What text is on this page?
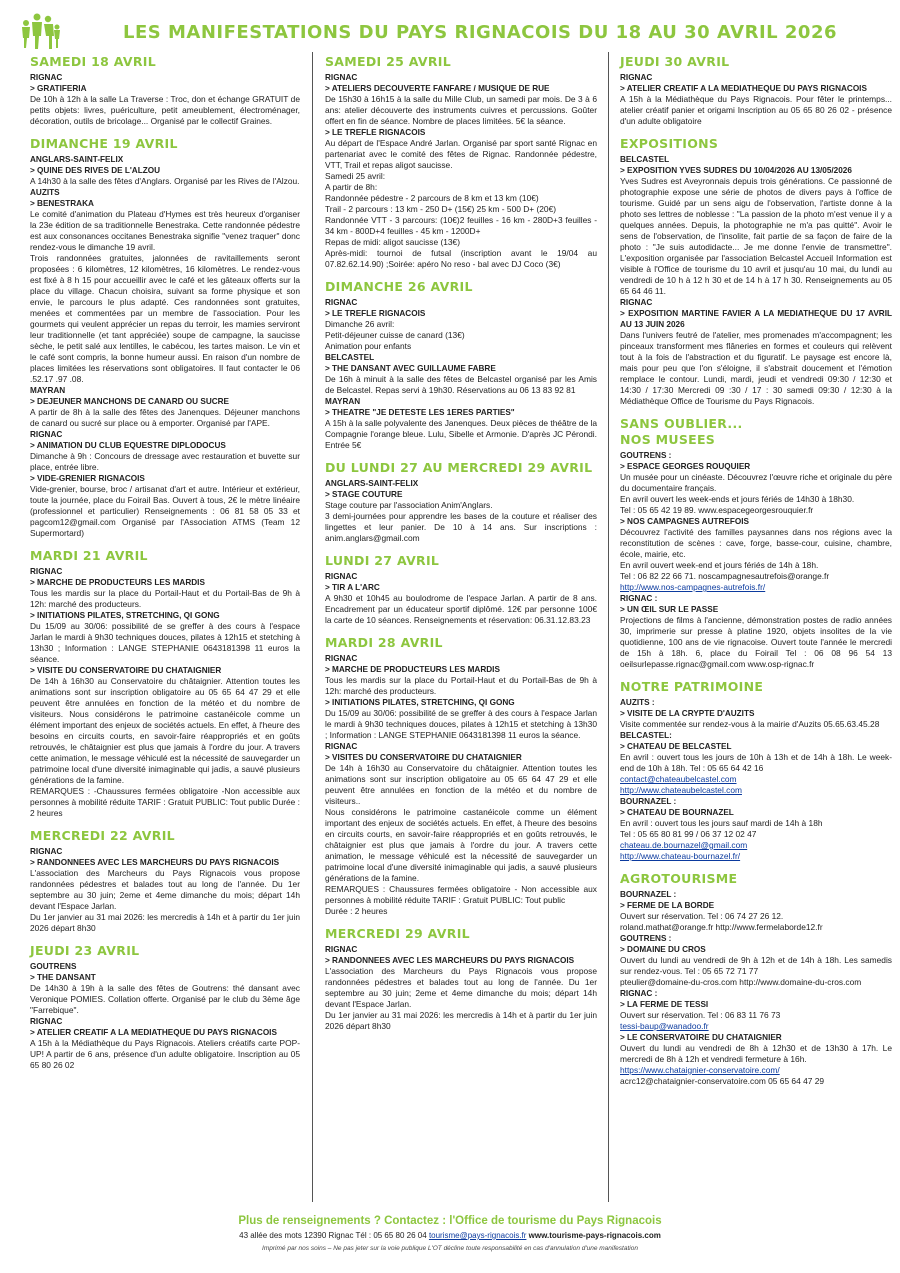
LES MANIFESTATIONS DU PAYS RIGNACOIS DU 18 AU 30 AVRIL 2026
SAMEDI 18 AVRIL
RIGNAC
> GRATIFERIA

De 10h à 12h à la salle La Traverse : Troc, don et échange GRATUIT de petits objets: livres, puériculture, petit ameublement, électroménager, décoration, outils de bricolage... Organisé par le collectif Graines.

DIMANCHE 19 AVRIL
ANGLARS-SAINT-FELIX
> QUINE DES RIVES DE L'ALZOU

A 14h30 à la salle des fêtes d'Anglars. Organisé par les Rives de l'Alzou.

AUZITS
> BENESTRAKA

Le comité d'animation du Plateau d'Hymes est très heureux d'organiser la 23e édition de sa traditionnelle Benestraka. Cette randonnée pédestre est aux consonances occitanes Benestraka signifie "venez traquer" donc rendez-vous le dimanche 19 avril.

Trois randonnées gratuites, jalonnées de ravitaillements seront proposées : 6 kilomètres, 12 kilomètres, 16 kilomètres. Le rendez-vous est fixé à 8 h 15 pour accueillir avec le café et les gâteaux offerts sur la place du village. Chacun choisira, suivant sa forme physique et son envie, le parcours le plus adapté. Ces randonnées sont gratuites, menées et commentées par un membre de l'association. Pour les gourmets qui veulent apprécier un repas du terroir, les mamies serviront leur traditionnelle (et tant appréciée) soupe de campagne, la saucisse sèche, le petit salé aux lentilles, le cabécou, les tartes maison. Le vin et le café sont compris, la bonne humeur aussi. En raison d'un nombre de places limitées les réservations sont obligatoires. Il faut contacter le 06 .52.17 .97 .08.

MAYRAN
> DEJEUNER MANCHONS DE CANARD OU SUCRE

A partir de 8h à la salle des fêtes des Janenques. Déjeuner manchons de canard ou sucré sur place ou à emporter. Organisé par l'APE.

RIGNAC
> ANIMATION DU CLUB EQUESTRE DIPLODOCUS

Dimanche à 9h : Concours de dressage avec restauration et buvette sur place, entrée libre.

> VIDE-GRENIER RIGNACOIS

Vide-grenier, bourse, broc / artisanat d'art et autre. Intérieur et extérieur, toute la journée, place du Foirail Bas. Ouvert à tous, 2€ le mètre linéaire (professionnel et particulier) Renseignements : 06 81 58 05 33 et pagcom12@gmail.com Organisé par l'Association ATMS (Team 12 Supermortard)

MARDI 21 AVRIL
RIGNAC
> MARCHE DE PRODUCTEURS LES MARDIS

Tous les mardis sur la place du Portail-Haut et du Portail-Bas de 9h à 12h: marché des producteurs.

> INITIATIONS PILATES, STRETCHING, QI GONG

Du 15/09 au 30/06: possibilité de se greffer à des cours à l'espace Jarlan le mardi à 9h30 techniques douces, pilates à 12h15 et stetching à 13h30 ; Information : LANGE STEPHANIE 0643181398 11 euros la séance.

> VISITE DU CONSERVATOIRE DU CHATAIGNIER

De 14h à 16h30 au Conservatoire du châtaignier. Attention toutes les animations sont sur inscription obligatoire au 05 65 64 47 29 et elle peuvent être annulées en fonction de la météo et du nombre de visiteurs. Nous considérons le patrimoine castanéicole comme un élément important des enjeux de sociétés actuels. En effet, à l'heure des besoins en circuits courts, en savoir-faire réappropriés et en goûts retrouvés, le châtaignier est plus que jamais à l'ordre du jour. A travers cette animation, le message véhiculé est la nécessité de sauvegarder un patrimoine local d'une diversité inimaginable qui jadis, a sauvé plusieurs générations de la famine.

REMARQUES : -Chaussures fermées obligatoire -Non accessible aux personnes à mobilité réduite TARIF : Gratuit PUBLIC: Tout public Durée : 2 heures

MERCREDI 22 AVRIL
RIGNAC
> RANDONNEES AVEC LES MARCHEURS DU PAYS RIGNACOIS

L'association des Marcheurs du Pays Rignacois vous propose randonnées pédestres et balades tout au long de l'année. Du 1er septembre au 30 juin; 2eme et 4eme dimanche du mois; départ 14h devant l'Espace Jarlan.

Du 1er janvier au 31 mai 2026: les mercredis à 14h et à partir du 1er juin 2026 départ 8h30

JEUDI 23 AVRIL
GOUTRENS
> THE DANSANT

De 14h30 à 19h à la salle des fêtes de Goutrens: thé dansant avec Veronique POMIES. Collation offerte. Organisé par le club du 3ème âge "Farrebique".

RIGNAC
> ATELIER CREATIF A LA MEDIATHEQUE DU PAYS RIGNACOIS

A 15h à la Médiathèque du Pays Rignacois. Ateliers créatifs carte POP-UP! A partir de 6 ans, présence d'un adulte obligatoire. Inscription au 05 65 80 26 02

SAMEDI 25 AVRIL
RIGNAC
> ATELIERS DECOUVERTE FANFARE / MUSIQUE DE RUE

De 15h30 à 16h15 à la salle du Mille Club, un samedi par mois. De 3 à 6 ans: atelier découverte des instruments cuivres et percussions. Goûter offert en fin de séance. Nombre de places limitées. 5€ la séance.

> LE TREFLE RIGNACOIS

Au départ de l'Espace André Jarlan. Organisé par sport santé Rignac en partenariat avec le comité des fêtes de Rignac. Randonnée pédestre, VTT, Trail et repas aligot saucisse.

Samedi 25 avril:

A partir de 8h:

Randonnée pédestre - 2 parcours de 8 km et 13 km (10€)

Trail - 2 parcours : 13 km - 250 D+ (15€) 25 km - 500 D+ (20€)

Randonnée VTT - 3 parcours: (10€)2 feuilles - 16 km - 280D+3 feuilles - 34 km - 800D+4 feuilles - 45 km - 1200D+

Repas de midi: aligot saucisse (13€)

Après-midi: tournoi de futsal (inscription avant le 19/04 au 07.82.62.14.90) ;Soirée: apéro No reso - bal avec DJ Coco (3€)

DIMANCHE 26 AVRIL
RIGNAC
> LE TREFLE RIGNACOIS

Dimanche 26 avril:

Petit-déjeuner cuisse de canard (13€)

Animation pour enfants

BELCASTEL
> THE DANSANT AVEC GUILLAUME FABRE

De 16h à minuit à la salle des fêtes de Belcastel organisé par les Amis de Belcastel. Repas servi à 19h30. Réservations au 06 13 83 92 81

MAYRAN
> THEATRE "JE DETESTE LES 1ERES PARTIES"

A 15h à la salle polyvalente des Janenques. Deux pièces de théâtre de la Compagnie l'orange bleue. Lulu, Sibelle et Armonie. D'après JC Pérondi. Entrée 5€

DU LUNDI 27 AU MERCREDI 29 AVRIL
ANGLARS-SAINT-FELIX
> STAGE COUTURE

Stage couture par l'association Anim'Anglars.

3 demi-journées pour apprendre les bases de la couture et réaliser des lingettes et leur panier. De 10 à 14 ans. Sur inscriptions : anim.anglars@gmail.com

LUNDI 27 AVRIL
RIGNAC
> TIR A L'ARC

A 9h30 et 10h45 au boulodrome de l'espace Jarlan. A partir de 8 ans. Encadrement par un éducateur sportif diplômé. 12€ par personne 100€ la carte de 10 séances. Renseignements et réservation: 06.31.12.83.23

MARDI 28 AVRIL
RIGNAC
> MARCHE DE PRODUCTEURS LES MARDIS

Tous les mardis sur la place du Portail-Haut et du Portail-Bas de 9h à 12h: marché des producteurs.

> INITIATIONS PILATES, STRETCHING, QI GONG

Du 15/09 au 30/06: possibilité de se greffer à des cours à l'espace Jarlan le mardi à 9h30 techniques douces, pilates à 12h15 et stetching à 13h30 ; Information : LANGE STEPHANIE 0643181398 11 euros la séance.

RIGNAC
> VISITES DU CONSERVATOIRE DU CHATAIGNIER

De 14h à 16h30 au Conservatoire du châtaignier. Attention toutes les animations sont sur inscription obligatoire au 05 65 64 47 29 et elle peuvent être annulées en fonction de la météo et du nombre de visiteurs..

Nous considérons le patrimoine castanéicole comme un élément important des enjeux de sociétés actuels. En effet, à l'heure des besoins en circuits courts, en savoir-faire réappropriés et en goûts retrouvés, le châtaignier est plus que jamais à l'ordre du jour. A travers cette animation, le message véhiculé est la nécessité de sauvegarder un patrimoine local d'une diversité inimaginable qui jadis, a sauvé plusieurs générations de la famine.

REMARQUES : Chaussures fermées obligatoire - Non accessible aux personnes à mobilité réduite TARIF : Gratuit PUBLIC: Tout public

Durée : 2 heures

MERCREDI 29 AVRIL
RIGNAC
> RANDONNEES AVEC LES MARCHEURS DU PAYS RIGNACOIS

L'association des Marcheurs du Pays Rignacois vous propose randonnées pédestres et balades tout au long de l'année. Du 1er septembre au 30 juin; 2eme et 4eme dimanche du mois; départ 14h devant l'Espace Jarlan.

Du 1er janvier au 31 mai 2026: les mercredis à 14h et à partir du 1er juin 2026 départ 8h30

JEUDI 30 AVRIL
RIGNAC
> ATELIER CREATIF A LA MEDIATHEQUE DU PAYS RIGNACOIS

A 15h à la Médiathèque du Pays Rignacois. Pour fêter le printemps... atelier créatif panier et origami Inscription au 05 65 80 26 02 - présence d'un adulte obligatoire

EXPOSITIONS
BELCASTEL
> EXPOSITION YVES SUDRES DU 10/04/2026 AU 13/05/2026

Yves Sudres est Aveyronnais depuis trois générations. Ce passionné de photographie expose une série de photos de divers pays à l'office de tourisme. Guidé par un sens aigu de l'observation, l'artiste donne à la photo ses lettres de noblesse : "La passion de la photo m'est venue il y a quelques années. Depuis, la photographie ne m'a pas quitté". Avoir le sens de l'observation, de l'insolite, fait partie de sa façon de faire de la photo : "Je suis autodidacte... Je me donne l'envie de transmettre". L'exposition organisée par l'association Belcastel Accueil Information est visible à l'Office de tourisme du 10 avril et jusqu'au 10 mai, du lundi au vendredi de 10 h à 12 h 30 et de 14 h à 17 h 30. Renseignements au 05 65 64 46 11.

RIGNAC
> EXPOSITION MARTINE FAVIER A LA MEDIATHEQUE DU 17 AVRIL AU 13 JUIN 2026

Dans l'univers feutré de l'atelier, mes promenades m'accompagnent; les pinceaux transforment mes flâneries en formes et couleurs qui relèvent tout à la fois de l'abstraction et du figuratif. Le paysage est encore là, mais pour peu que l'on s'éloigne, il s'abstrait doucement et l'émotion remplace le contour. Lundi, mardi, jeudi et vendredi 09:30 / 12:30 et 14:30 / 17:30 Mercredi 09 :30 / 17 : 30 samedi 09:30 / 12:30 à la Médiathèque Office de Tourisme du Pays Rignacois.

SANS OUBLIER...
NOS MUSEES
GOUTRENS :
> ESPACE GEORGES ROUQUIER

Un musée pour un cinéaste. Découvrez l'œuvre riche et originale du père du documentaire français.

En avril ouvert les week-ends et jours fériés de 14h30 à 18h30.

Tel : 05 65 42 19 89. www.espacegeorgesrouquier.fr

> NOS CAMPAGNES AUTREFOIS

Découvrez l'activité des familles paysannes dans nos régions avec la reconstitution de scènes : cave, forge, basse-cour, cuisine, chambre, école, mairie, etc.

En avril ouvert week-end et jours fériés de 14h à 18h.

Tel : 06 82 22 66 71. noscampagnesautrefois@orange.fr

http://www.nos-campagnes-autrefois.fr/

RIGNAC :
> UN ŒIL SUR LE PASSE

Projections de films à l'ancienne, démonstration postes de radio années 30, imprimerie sur presse à platine 1920, objets insolites de la vie quotidienne, 100 ans de vie rignacoise. Ouvert toute l'année le mercredi de 15h à 18h. 6, place du Foirail Tel : 06 08 96 54 13 oeilsurlepasse.rignac@gmail.com www.osp-rignac.fr

NOTRE PATRIMOINE
AUZITS :
> VISITE DE LA CRYPTE D'AUZITS

Visite commentée sur rendez-vous à la mairie d'Auzits 05.65.63.45.28

BELCASTEL:
> CHATEAU DE BELCASTEL

En avril : ouvert tous les jours de 10h à 13h et de 14h à 18h. Le week-end de 10h à 18h. Tel : 05 65 64 42 16

contact@chateaubelcastel.com

http://www.chateaubelcastel.com

BOURNAZEL :
> CHATEAU DE BOURNAZEL

En avril : ouvert tous les jours sauf mardi de 14h à 18h

Tel : 05 65 80 81 99 / 06 37 12 02 47

chateau.de.bournazel@gmail.com

http://www.chateau-bournazel.fr/

AGROTOURISME
BOURNAZEL :
> FERME DE LA BORDE

Ouvert sur réservation. Tel : 06 74 27 26 12.

roland.mathat@orange.fr http://www.fermelaborde12.fr

GOUTRENS :
> DOMAINE DU CROS

Ouvert du lundi au vendredi de 9h à 12h et de 14h à 18h. Les samedis sur rendez-vous. Tel : 05 65 72 71 77

pteulier@domaine-du-cros.com http://www.domaine-du-cros.com

RIGNAC :
> LA FERME DE TESSI

Ouvert sur réservation. Tel : 06 83 11 76 73

tessi-baup@wanadoo.fr

> LE CONSERVATOIRE DU CHATAIGNIER

Ouvert du lundi au vendredi de 8h à 12h30 et de 13h30 à 17h. Le mercredi de 8h à 12h et vendredi fermeture à 16h.

https://www.chataignier-conservatoire.com/

acrc12@chataignier-conservatoire.com 05 65 64 47 29

Plus de renseignements ? Contactez : l'Office de tourisme du Pays Rignacois
43 allée des mots 12390 Rignac Tél : 05 65 80 26 04 tourisme@pays-rignacois.fr www.tourisme-pays-rignacois.com
Imprimé par nos soins – Ne pas jeter sur la voie publique L'OT décline toute responsabilité en cas d'annulation d'une manifestation
